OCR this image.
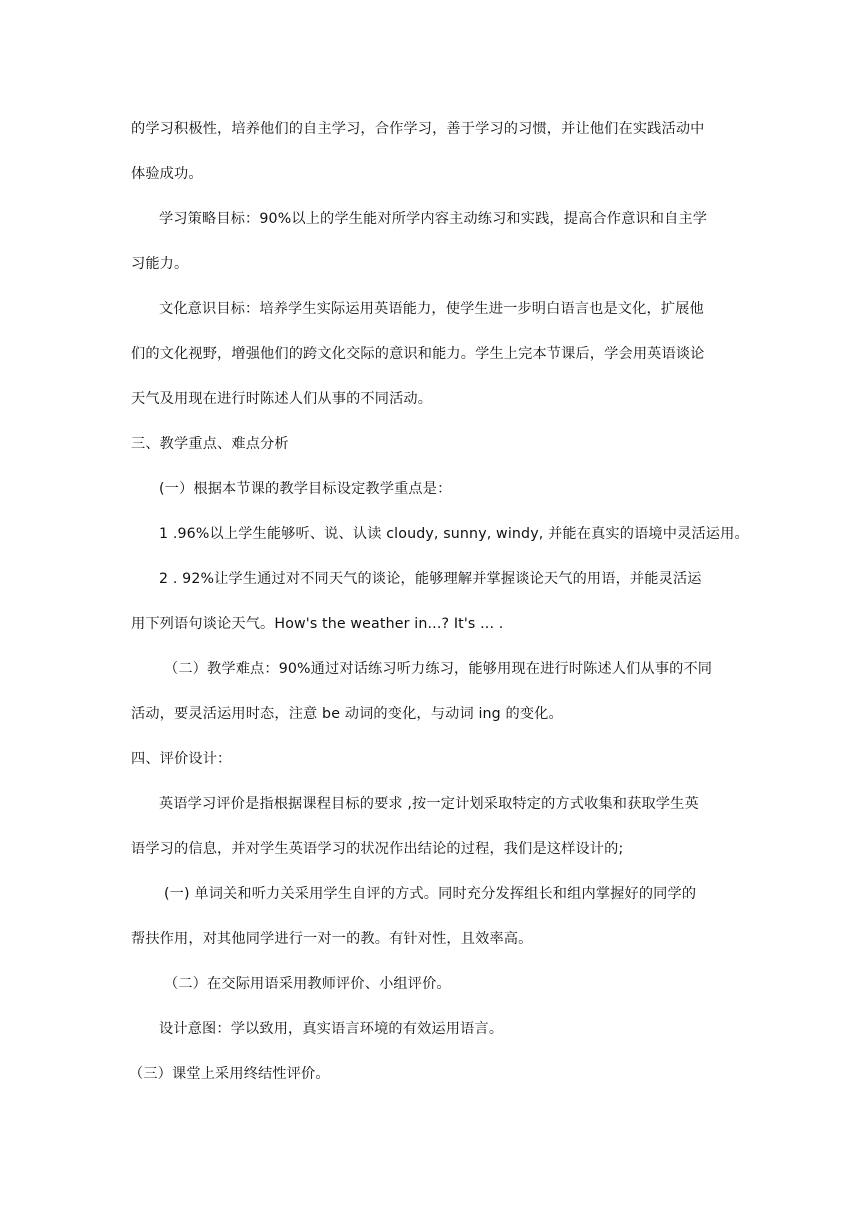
的学习积极性，培养他们的自主学习，合作学习，善于学习的习惯，并让他们在实践活动中
体验成功。
学习策略目标：90%以上的学生能对所学内容主动练习和实践，提高合作意识和自主学
习能力。
文化意识目标：培养学生实际运用英语能力，使学生进一步明白语言也是文化，扩展他
们的文化视野，增强他们的跨文化交际的意识和能力。学生上完本节课后，学会用英语谈论
天气及用现在进行时陈述人们从事的不同活动。
三、教学重点、难点分析
(一）根据本节课的教学目标设定教学重点是：
1 .96%以上学生能够听、说、认读 cloudy, sunny, windy, 并能在真实的语境中灵活运用。
2 . 92%让学生通过对不同天气的谈论，能够理解并掌握谈论天气的用语，并能灵活运
用下列语句谈论天气。How's the weather in...? It's ... .
（二）教学难点：90%通过对话练习听力练习，能够用现在进行时陈述人们从事的不同
活动，要灵活运用时态，注意 be 动词的变化，与动词 ing 的变化。
四、评价设计：
英语学习评价是指根据课程目标的要求 ,按一定计划采取特定的方式收集和获取学生英
语学习的信息，并对学生英语学习的状况作出结论的过程，我们是这样设计的;
(一) 单词关和听力关采用学生自评的方式。同时充分发挥组长和组内掌握好的同学的
帮扶作用，对其他同学进行一对一的教。有针对性，且效率高。
（二）在交际用语采用教师评价、小组评价。
设计意图：学以致用，真实语言环境的有效运用语言。
（三）课堂上采用终结性评价。
